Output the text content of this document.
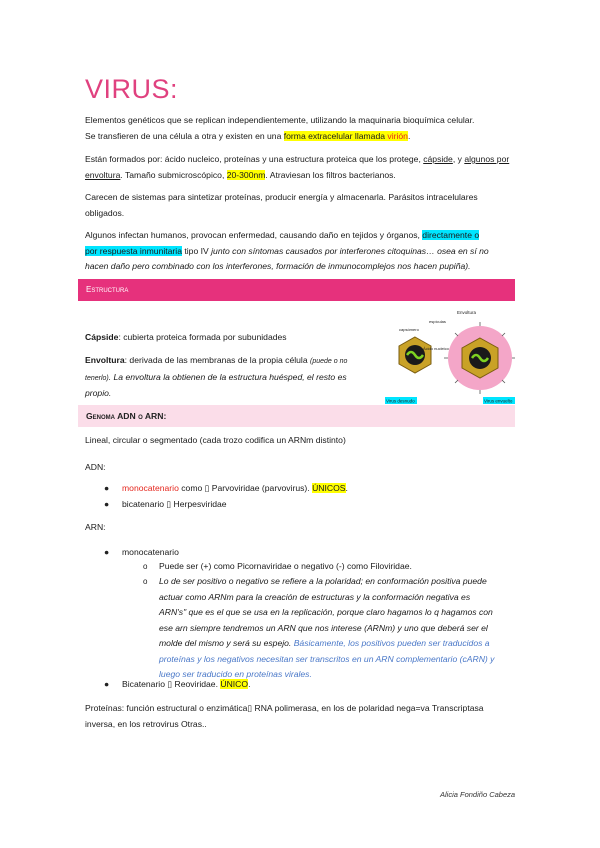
VIRUS:
Elementos genéticos que se replican independientemente, utilizando la maquinaria bioquímica celular.
Se transfieren de una célula a otra y existen en una forma extracelular llamada virión.
Están formados por: ácido nucleico, proteínas y una estructura proteica que los protege, cápside, y algunos por envoltura. Tamaño submicroscópico, 20-300nm. Atraviesan los filtros bacterianos.
Carecen de sistemas para sintetizar proteínas, producir energía y almacenarla. Parásitos intracelulares
obligados.
Algunos infectan humanos, provocan enfermedad, causando daño en tejidos y órganos, directamente o
por respuesta inmunitaria tipo IV junto con síntomas causados por interferones citoquinas… osea en sí no
hacen daño pero combinado con los interferones, formación de inmunocomplejos nos hacen pupiña).
Estructura
Cápside: cubierta proteica formada por subunidades
Envoltura: derivada de las membranas de la propia célula (puede o no
tenerlo). La envoltura la obtienen de la estructura huésped, el resto es
propio.
Envoltura
capsómero
espículas
Ácido nucleico
Virus desnudo	Virus envuelto
Genoma ADN o ARN:
Lineal, circular o segmentado (cada trozo codifica un ARNm distinto)
ADN:
● monocatenario como ▯ Parvoviridae (parvovirus). ÚNICOS.
● bicatenario ▯ Herpesviridae
ARN:
● monocatenario
o Puede ser (+) como Picornaviridae o negativo (-) como Filoviridae.
o Lo de ser positivo o negativo se refiere a la polaridad; en conformación positiva puede
actuar como ARNm para la creación de estructuras y la conformación negativa es
ARN's" que es el que se usa en la replicación, porque claro hagamos lo q hagamos con
ese arn siempre tendremos un ARN que nos interese (ARNm) y uno que deberá ser el
molde del mismo y será su espejo. Básicamente, los positivos pueden ser traducidos a
proteínas y los negativos necesitan ser transcritos en un ARN complementario (cARN) y
luego ser traducido en proteínas virales.
● Bicatenario ▯ Reoviridae. ÚNICO.
Proteínas: función estructural o enzimática▯ RNA polimerasa, en los de polaridad nega=va Transcriptasa
inversa, en los retrovirus Otras..
Alicia Fondiño Cabeza
